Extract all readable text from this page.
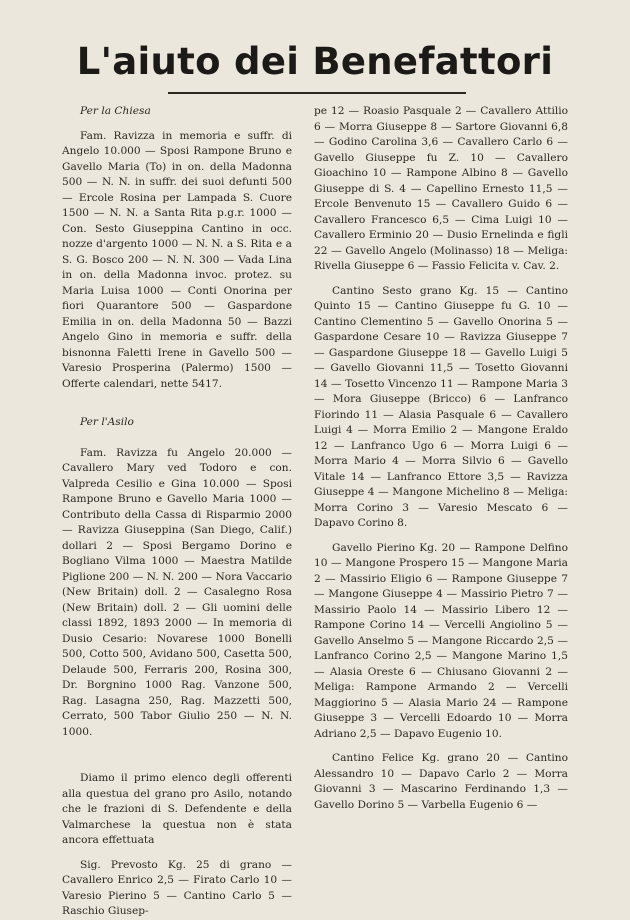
L'aiuto dei Benefattori

Per la Chiesa

Fam. Ravizza in memoria e suffr. di Angelo 10.000 — Sposi Rampone Bruno e Gavello Maria (To) in on. della Madonna 500 — N. N. in suffr. dei suoi defunti 500 — Ercole Rosina per Lampada S. Cuore 1500 — N. N. a Santa Rita p.g.r. 1000 — Con. Sesto Giuseppina Cantino in occ. nozze d'argento 1000 — N. N. a S. Rita e a S. G. Bosco 200 — N. N. 300 — Vada Lina in on. della Madonna invoc. protez. su Maria Luisa 1000 — Conti Onorina per fiori Quarantore 500 — Gaspardone Emilia in on. della Madonna 50 — Bazzi Angelo Gino in memoria e suffr. della bisnonna Faletti Irene in Gavello 500 — Varesio Prosperina (Palermo) 1500 — Offerte calendari, nette 5417.

Per l'Asilo

Fam. Ravizza fu Angelo 20.000 — Cavallero Mary ved Todoro e con. Valpreda Cesilio e Gina 10.000 — Sposi Rampone Bruno e Gavello Maria 1000 — Contributo della Cassa di Risparmio 2000 — Ravizza Giuseppina (San Diego, Calif.) dollari 2 — Sposi Bergamo Dorino e Bogliano Vilma 1000 — Maestra Matilde Piglione 200 — N. N. 200 — Nora Vaccario (New Britain) doll. 2 — Casalegno Rosa (New Britain) doll. 2 — Gli uomini delle classi 1892, 1893 2000 — In memoria di Dusio Cesario: Novarese 1000 Bonelli 500, Cotto 500, Avidano 500, Casetta 500, Delaude 500, Ferraris 200, Rosina 300, Dr. Borgnino 1000 Rag. Vanzone 500, Rag. Lasagna 250, Rag. Mazzetti 500, Cerrato, 500 Tabor Giulio 250 — N. N. 1000.

Diamo il primo elenco degli offerenti alla questua del grano pro Asilo, notando che le frazioni di S. Defendente e della Valmarchese la questua non è stata ancora effettuata

Sig. Prevosto Kg. 25 di grano — Cavallero Enrico 2,5 — Firato Carlo 10 — Varesio Pierino 5 — Cantino Carlo 5 — Raschio Giusep-

pe 12 — Roasio Pasquale 2 — Cavallero Attilio 6 — Morra Giuseppe 8 — Sartore Giovanni 6,8 — Godino Carolina 3,6 — Cavallero Carlo 6 — Gavello Giuseppe fu Z. 10 — Cavallero Gioachino 10 — Rampone Albino 8 — Gavello Giuseppe di S. 4 — Capellino Ernesto 11,5 — Ercole Benvenuto 15 — Cavallero Guido 6 — Cavallero Francesco 6,5 — Cima Luigi 10 — Cavallero Erminio 20 — Dusio Ernelinda e figli 22 — Gavello Angelo (Molinasso) 18 — Meliga: Rivella Giuseppe 6 — Fassio Felicita v. Cav. 2.

Cantino Sesto grano Kg. 15 — Cantino Quinto 15 — Cantino Giuseppe fu G. 10 — Cantino Clementino 5 — Gavello Onorina 5 — Gaspardone Cesare 10 — Ravizza Giuseppe 7 — Gaspardone Giuseppe 18 — Gavello Luigi 5 — Gavello Giovanni 11,5 — Tosetto Giovanni 14 — Tosetto Vincenzo 11 — Rampone Maria 3 — Mora Giuseppe (Bricco) 6 — Lanfranco Fiorindo 11 — Alasia Pasquale 6 — Cavallero Luigi 4 — Morra Emilio 2 — Mangone Eraldo 12 — Lanfranco Ugo 6 — Morra Luigi 6 — Morra Mario 4 — Morra Silvio 6 — Gavello Vitale 14 — Lanfranco Ettore 3,5 — Ravizza Giuseppe 4 — Mangone Michelino 8 — Meliga: Morra Corino 3 — Varesio Mescato 6 — Dapavo Corino 8.

Gavello Pierino Kg. 20 — Rampone Delfino 10 — Mangone Prospero 15 — Mangone Maria 2 — Massirio Eligio 6 — Rampone Giuseppe 7 — Mangone Giuseppe 4 — Massirio Pietro 7 — Massirio Paolo 14 — Massirio Libero 12 — Rampone Corino 14 — Vercelli Angiolino 5 — Gavello Anselmo 5 — Mangone Riccardo 2,5 — Lanfranco Corino 2,5 — Mangone Marino 1,5 — Alasia Oreste 6 — Chiusano Giovanni 2 — Meliga: Rampone Armando 2 — Vercelli Maggiorino 5 — Alasia Mario 24 — Rampone Giuseppe 3 — Vercelli Edoardo 10 — Morra Adriano 2,5 — Dapavo Eugenio 10.

Cantino Felice Kg. grano 20 — Cantino Alessandro 10 — Dapavo Carlo 2 — Morra Giovanni 3 — Mascarino Ferdinando 1,3 — Gavello Dorino 5 — Varbella Eugenio 6 —
